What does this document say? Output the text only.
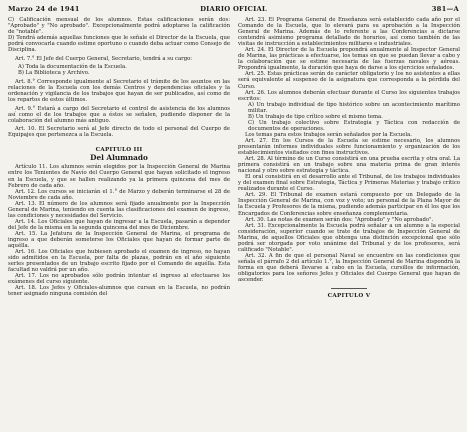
Marzo 24 de 1941	DIARIO OFICIAL	381—A

C) Calificación mensual de los alumnos. Estas calificaciones serán dos: "Aprobado" y "No aprobado". Excepcionalmente podrá adoptarse la calificación de "notable".

D) Tendrá además aquellas funciones que le señale el Director de la Escuela, que podrá convocarla cuando estime oportuno o cuando deba actuar como Consejo de Disciplina.

Art. 7.° El Jefe del Cuerpo General, Secretario, tendrá a su cargo:

A) Toda la documentación de la Escuela.

B) La Biblioteca y Archivo.

Art. 8.° Corresponde igualmente al Secretario el trámite de los asuntos en las relaciones de la Escuela con los demás Centros y dependencias oficiales y la ordenación y vigilancia de los trabajos que hayan de ser publicados, así como de los repartos de estos últimos.

Art. 9.° Estará a cargo del Secretario el control de asistencia de los alumnos así como el de los trabajos que a éstos se señalen, pudiendo disponer de la colaboración del alumno más antiguo.

Art. 10. El Secretario será al Jefe directo de todo el personal del Cuerpo de Equipajes que pertenezca a la Escuela.

CAPITULO III
Del Alumnado

Artículo 11. Los alumnos serán elegidos por la Inspección General de Marina entre los Tenientes de Navío del Cuerpo General que hayan solicitado el ingreso en la Escuela, y que se hallen realizando ya la primera quincena del mes de Febrero de cada año.

Art. 12. Los cursos se iniciarán el 1.° de Marzo y deberán terminarse el 28 de Noviembre de cada año.

Art. 13. El número de los alumnos será fijado anualmente por la Inspección General de Marina, teniendo en cuenta las clasificaciones del examen de ingreso, las condiciones y necesidades del Servicio.

Art. 14. Los Oficiales que hayan de ingresar a la Escuela, pasarán a depender del Jefe de la misma en la segunda quincena del mes de Diciembre.

Art. 15. La Jefatura de la Inspección General de Marina, el programa de ingreso a que deberán someterse los Oficiales que hayan de formar parte de aquélla.

Art. 16. Los Oficiales que hubiesen aprobado el examen de ingreso, no hayan sido admitidos en la Escuela, por falta de plazas, podrán en el año siguiente serles presentados de un trabajo escrito fijado por el Comando de aquélla. Esta facultad no valdrá por un año.

Art. 17. Los no aprobados sólo podrán intentar el ingreso al efectuarse los exámenes del curso siguiente.

Art. 18. Los Jefes y Oficiales-alumnos que cursan en la Escuela, no podrán tener asignado ninguna comisión del

Art. 23. El Programa General de Enseñanza será establecido cada año por el Comando de la Escuela, que lo elevará para su aprobación a la Inspección General de Marina. Además de lo referente a las Conferencias a dictarse contendrá asimismo programa detallado de horarios, así como también de las visitas de instrucción a establecimientos militares e industriales.

Art. 24. El Director de la Escuela propondrá anualmente al Inspector General de Marina, las prácticas a efectuarse, los temas en que se puedan llevar a cabo y la colaboración que se estime necesaria de las fuerzas navales y aéreas. Propondrá igualmente, la duración que haya de darse a los ejercicios señalados.

Art. 25. Estas prácticas serán de carácter obligatorio y los no asistentes a ellas será equivalente al suspenso de la asignatura que corresponda a la pérdida del Curso.

Art. 26. Los alumnos deberán efectuar durante el Curso los siguientes trabajos escritos:

A) Un trabajo individual de tipo histórico sobre un acontecimiento marítimo militar.

B) Un trabajo de tipo crítico sobre el mismo tema.

C) Un trabajo colectivo sobre Estrategia y Táctica con redacción de documentos de operaciones.

Los temas para estos trabajos serán señalados por la Escuela.

Art. 27. En los Cursos de la Escuela se estime necesario, los alumnos presentarán informes individuales sobre funcionamiento y organización de los establecimientos visitados con fines instructivos.

Art. 28. Al término de un Curso consistirá en una prueba escrita y otra oral. La primera consistirá en un trabajo sobre una materia prima de gran interés nacional y otro sobre estrategia y táctica.

El oral consistirá en el desarrollo ante el Tribunal, de los trabajos individuales y del examen final sobre Estrategia, Táctica y Primeras Materias y trabajo crítico realizados durante el Curso.

Art. 29. El Tribunal de examen estará compuesto por un Delegado de la Inspección General de Marina, con voz y voto; un personal de la Plana Mayor de la Escuela y Profesores de la misma, pudiendo además participar en él los que los Encargados de Conferencias sobre enseñanza complementaria.

Art. 30. Las notas de examen serán dos: "Aprobado" y "No aprobado".

Art. 31. Excepcionalmente la Escuela podrá señalar a un alumno a la especial consideración, superior cuando se trate de trabajos de Inspección General de Marina, de aquellos Oficiales que obtenga una distinción excepcional que sólo podrá ser otorgada por voto unánime del Tribunal y de los profesores, será calificado "Notable".

Art. 32. A fin de que el personal Naval se encuentre en las condiciones que señala el párrafo 2 del artículo 1.°, la Inspección General de Marina dispondrá la forma en que deberá llevarse a cabo en la Escuela, cursillos de información, obligatorios para los señores Jefes y Oficiales del Cuerpo General que hayan de ascender.

CAPITULO V
